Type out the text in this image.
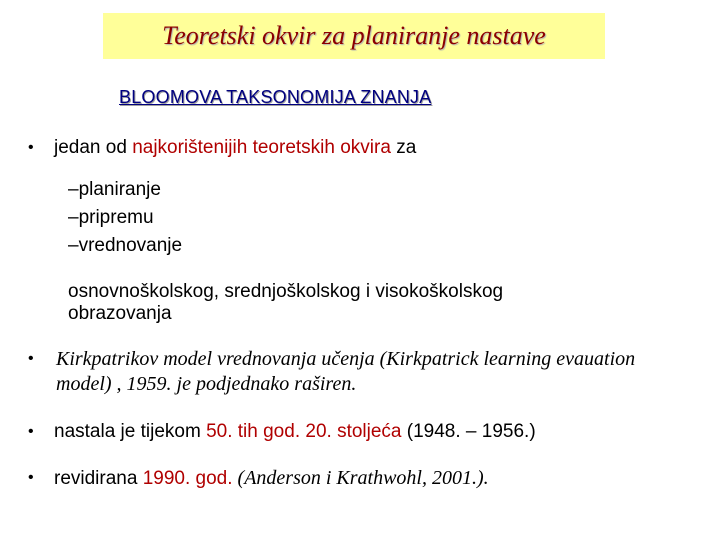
Teoretski okvir za planiranje nastave
BLOOMOVA TAKSONOMIJA ZNANJA
• jedan od najkorištenijih teoretskih okvira za
–planiranje
–pripremu
–vrednovanje
osnovnoškolskog, srednjoškolskog i visokoškolskog
obrazovanja
• Kirkpatrikov model vrednovanja učenja (Kirkpatrick learning evauation
model) , 1959. je podjednako raširen.
• nastala je tijekom 50. tih god. 20. stoljeća (1948. – 1956.)
• revidirana 1990. god. (Anderson i Krathwohl, 2001.).
